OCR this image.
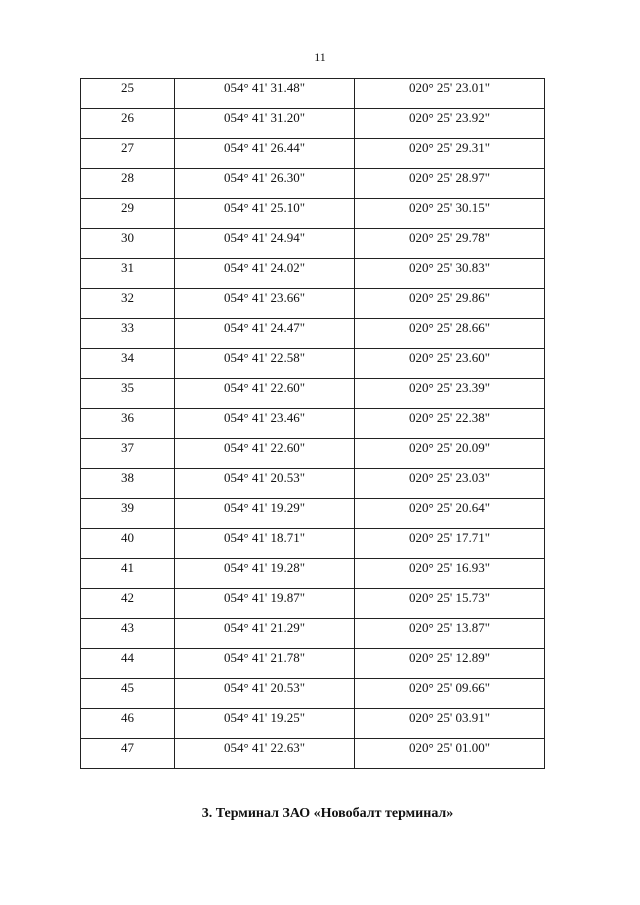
11
25	054° 41' 31.48"	020° 25' 23.01"
26	054° 41' 31.20"	020° 25' 23.92"
27	054° 41' 26.44"	020° 25' 29.31"
28	054° 41' 26.30"	020° 25' 28.97"
29	054° 41' 25.10"	020° 25' 30.15"
30	054° 41' 24.94"	020° 25' 29.78"
31	054° 41' 24.02"	020° 25' 30.83"
32	054° 41' 23.66"	020° 25' 29.86"
33	054° 41' 24.47"	020° 25' 28.66"
34	054° 41' 22.58"	020° 25' 23.60"
35	054° 41' 22.60"	020° 25' 23.39"
36	054° 41' 23.46"	020° 25' 22.38"
37	054° 41' 22.60"	020° 25' 20.09"
38	054° 41' 20.53"	020° 25' 23.03"
39	054° 41' 19.29"	020° 25' 20.64"
40	054° 41' 18.71"	020° 25' 17.71"
41	054° 41' 19.28"	020° 25' 16.93"
42	054° 41' 19.87"	020° 25' 15.73"
43	054° 41' 21.29"	020° 25' 13.87"
44	054° 41' 21.78"	020° 25' 12.89"
45	054° 41' 20.53"	020° 25' 09.66"
46	054° 41' 19.25"	020° 25' 03.91"
47	054° 41' 22.63"	020° 25' 01.00"
3. Терминал ЗАО «Новобалт терминал»
